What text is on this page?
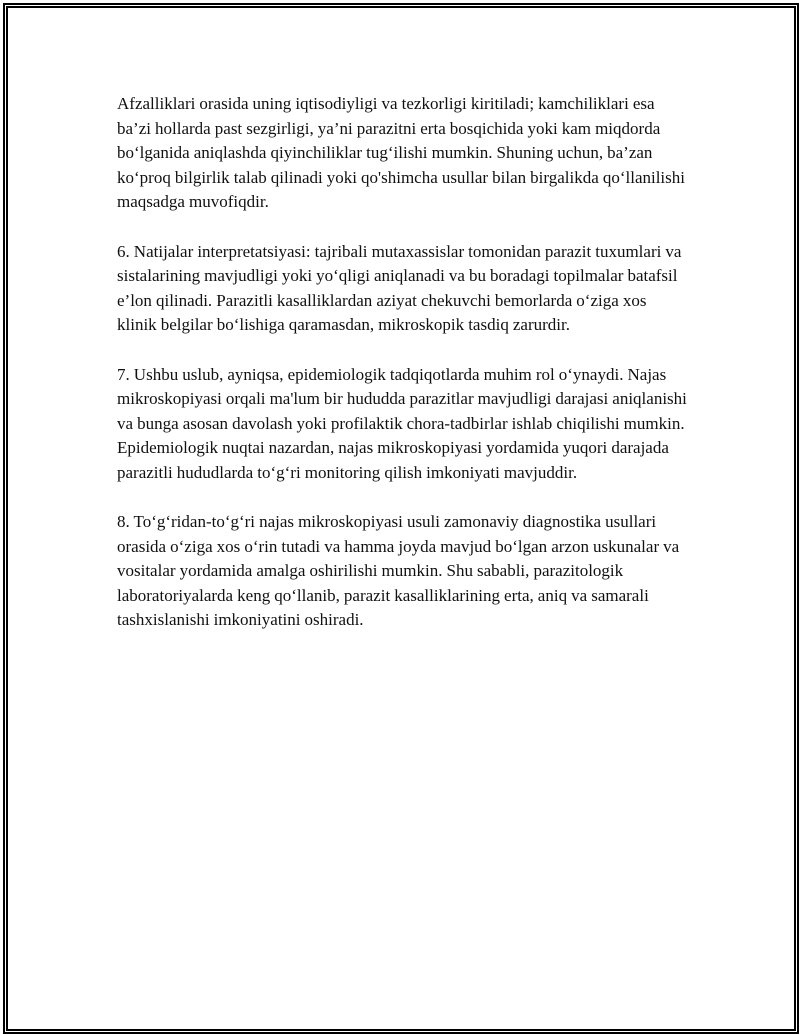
Afzalliklari orasida uning iqtisodiyligi va tezkorligi kiritiladi; kamchiliklari esa ba’zi hollarda past sezgirligi, ya’ni parazitni erta bosqichida yoki kam miqdorda bo‘lganida aniqlashda qiyinchiliklar tug‘ilishi mumkin. Shuning uchun, ba’zan ko‘proq bilgirlik talab qilinadi yoki qo'shimcha usullar bilan birgalikda qo‘llanilishi maqsadga muvofiqdir.

6. Natijalar interpretatsiyasi: tajribali mutaxassislar tomonidan parazit tuxumlari va sistalarining mavjudligi yoki yo‘qligi aniqlanadi va bu boradagi topilmalar batafsil e’lon qilinadi. Parazitli kasalliklardan aziyat chekuvchi bemorlarda o‘ziga xos klinik belgilar bo‘lishiga qaramasdan, mikroskopik tasdiq zarurdir.

7. Ushbu uslub, ayniqsa, epidemiologik tadqiqotlarda muhim rol o‘ynaydi. Najas mikroskopiyasi orqali ma'lum bir hududda parazitlar mavjudligi darajasi aniqlanishi va bunga asosan davolash yoki profilaktik chora-tadbirlar ishlab chiqilishi mumkin. Epidemiologik nuqtai nazardan, najas mikroskopiyasi yordamida yuqori darajada parazitli hududlarda to‘g‘ri monitoring qilish imkoniyati mavjuddir.

8. To‘g‘ridan-to‘g‘ri najas mikroskopiyasi usuli zamonaviy diagnostika usullari orasida o‘ziga xos o‘rin tutadi va hamma joyda mavjud bo‘lgan arzon uskunalar va vositalar yordamida amalga oshirilishi mumkin. Shu sababli, parazitologik laboratoriyalarda keng qo‘llanib, parazit kasalliklarining erta, aniq va samarali tashxislanishi imkoniyatini oshiradi.
